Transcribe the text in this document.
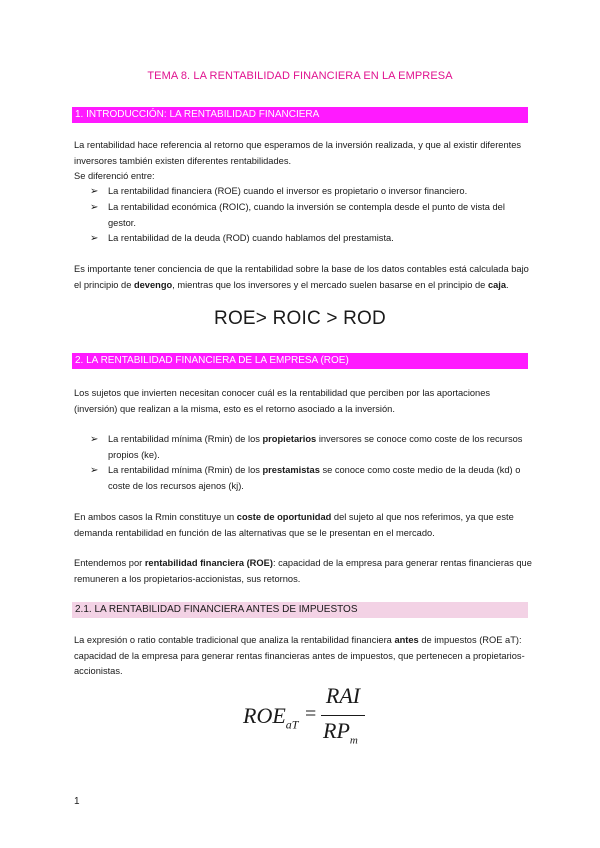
TEMA 8. LA RENTABILIDAD FINANCIERA EN LA EMPRESA
1. INTRODUCCIÓN: LA RENTABILIDAD FINANCIERA
La rentabilidad hace referencia al retorno que esperamos de la inversión realizada, y que al existir diferentes inversores también existen diferentes rentabilidades.
Se diferenció entre:
➢ La rentabilidad financiera (ROE) cuando el inversor es propietario o inversor financiero.
➢ La rentabilidad económica (ROIC), cuando la inversión se contempla desde el punto de vista del gestor.
➢ La rentabilidad de la deuda (ROD) cuando hablamos del prestamista.
Es importante tener conciencia de que la rentabilidad sobre la base de los datos contables está calculada bajo el principio de devengo, mientras que los inversores y el mercado suelen basarse en el principio de caja.
ROE> ROIC > ROD
2. LA RENTABILIDAD FINANCIERA DE LA EMPRESA (ROE)
Los sujetos que invierten necesitan conocer cuál es la rentabilidad que perciben por las aportaciones (inversión) que realizan a la misma, esto es el retorno asociado a la inversión.
➢ La rentabilidad mínima (Rmin) de los propietarios inversores se conoce como coste de los recursos propios (ke).
➢ La rentabilidad mínima (Rmin) de los prestamistas se conoce como coste medio de la deuda (kd) o coste de los recursos ajenos (kj).
En ambos casos la Rmin constituye un coste de oportunidad del sujeto al que nos referimos, ya que este demanda rentabilidad en función de las alternativas que se le presentan en el mercado.
Entendemos por rentabilidad financiera (ROE): capacidad de la empresa para generar rentas financieras que remuneren a los propietarios-accionistas, sus retornos.
2.1. LA RENTABILIDAD FINANCIERA ANTES DE IMPUESTOS
La expresión o ratio contable tradicional que analiza la rentabilidad financiera antes de impuestos (ROE aT): capacidad de la empresa para generar rentas financieras antes de impuestos, que pertenecen a propietarios-accionistas.
$ROE_{aT}$ =
RAI
$RP_m$
1
